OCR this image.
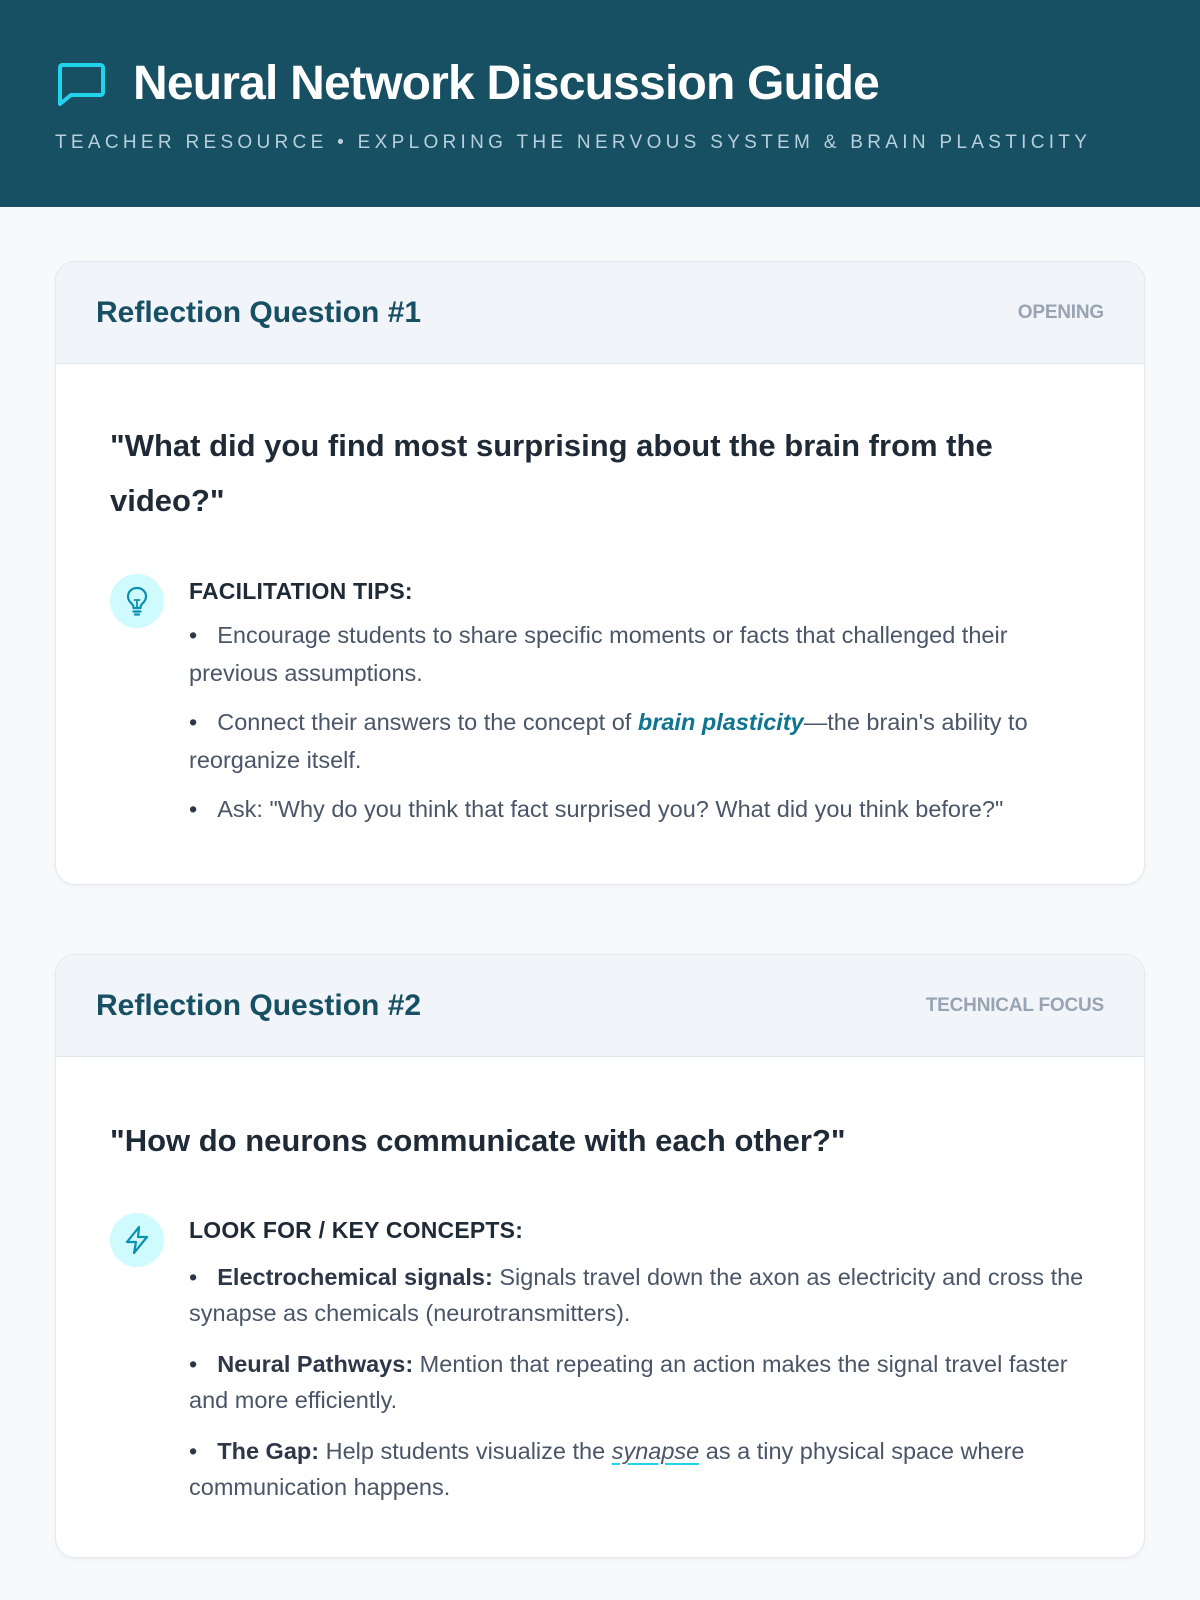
Neural Network Discussion Guide
TEACHER RESOURCE • EXPLORING THE NERVOUS SYSTEM & BRAIN PLASTICITY
Reflection Question #1	OPENING

"What did you find most surprising about the brain from the video?"

FACILITATION TIPS:
• Encourage students to share specific moments or facts that challenged their previous assumptions.
• Connect their answers to the concept of brain plasticity—the brain's ability to reorganize itself.
• Ask: "Why do you think that fact surprised you? What did you think before?"
Reflection Question #2	TECHNICAL FOCUS

"How do neurons communicate with each other?"

LOOK FOR / KEY CONCEPTS:
• Electrochemical signals: Signals travel down the axon as electricity and cross the synapse as chemicals (neurotransmitters).
• Neural Pathways: Mention that repeating an action makes the signal travel faster and more efficiently.
• The Gap: Help students visualize the synapse as a tiny physical space where communication happens.
